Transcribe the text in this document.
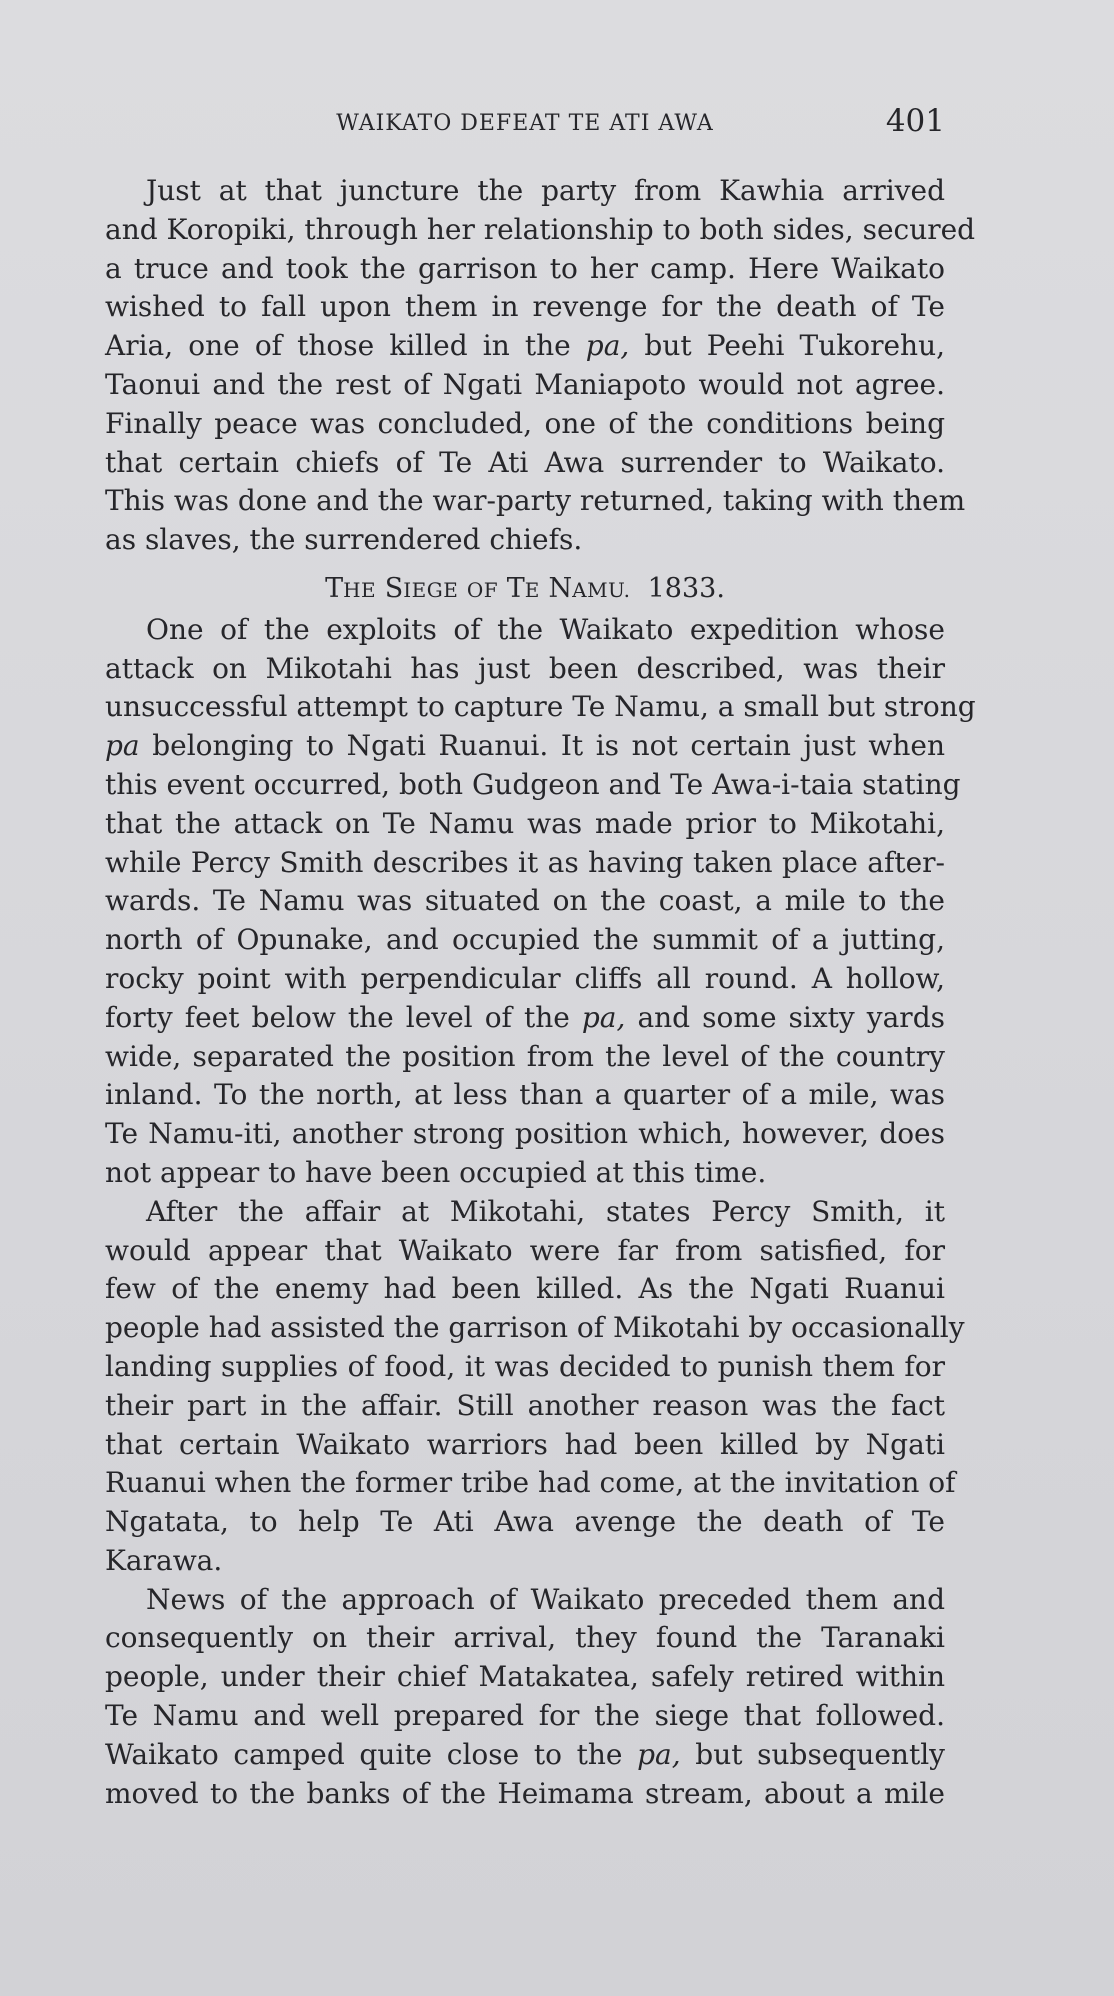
WAIKATO DEFEAT TE ATI AWA	401
Just at that juncture the party from Kawhia arrived
and Koropiki, through her relationship to both sides, secured
a truce and took the garrison to her camp. Here Waikato
wished to fall upon them in revenge for the death of Te
Aria, one of those killed in the pa, but Peehi Tukorehu,
Taonui and the rest of Ngati Maniapoto would not agree.
Finally peace was concluded, one of the conditions being
that certain chiefs of Te Ati Awa surrender to Waikato.
This was done and the war-party returned, taking with them
as slaves, the surrendered chiefs.
THE SIEGE OF TE NAMU. 1833.
One of the exploits of the Waikato expedition whose
attack on Mikotahi has just been described, was their
unsuccessful attempt to capture Te Namu, a small but strong
pa belonging to Ngati Ruanui. It is not certain just when
this event occurred, both Gudgeon and Te Awa-i-taia stating
that the attack on Te Namu was made prior to Mikotahi,
while Percy Smith describes it as having taken place after-
wards. Te Namu was situated on the coast, a mile to the
north of Opunake, and occupied the summit of a jutting,
rocky point with perpendicular cliffs all round. A hollow,
forty feet below the level of the pa, and some sixty yards
wide, separated the position from the level of the country
inland. To the north, at less than a quarter of a mile, was
Te Namu-iti, another strong position which, however, does
not appear to have been occupied at this time.
After the affair at Mikotahi, states Percy Smith, it
would appear that Waikato were far from satisfied, for
few of the enemy had been killed. As the Ngati Ruanui
people had assisted the garrison of Mikotahi by occasionally
landing supplies of food, it was decided to punish them for
their part in the affair. Still another reason was the fact
that certain Waikato warriors had been killed by Ngati
Ruanui when the former tribe had come, at the invitation of
Ngatata, to help Te Ati Awa avenge the death of Te
Karawa.
News of the approach of Waikato preceded them and
consequently on their arrival, they found the Taranaki
people, under their chief Matakatea, safely retired within
Te Namu and well prepared for the siege that followed.
Waikato camped quite close to the pa, but subsequently
moved to the banks of the Heimama stream, about a mile
